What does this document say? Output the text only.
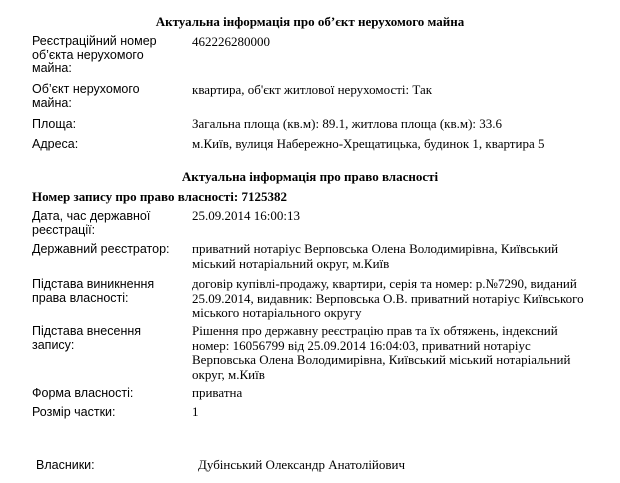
Актуальна інформація про об’єкт нерухомого майна
Реєстраційний номер об’єкта нерухомого майна:
462226280000
Об’єкт нерухомого майна:
квартира, об'єкт житлової нерухомості: Так
Площа:	Загальна площа (кв.м): 89.1, житлова площа (кв.м): 33.6
Адреса:	м.Київ, вулиця Набережно-Хрещатицька, будинок 1, квартира 5
Актуальна інформація про право власності
Номер запису про право власності: 7125382
Дата, час державної реєстрації:
25.09.2014 16:00:13
Державний реєстратор:	приватний нотаріус Верповська Олена Володимирівна, Київський міський нотаріальний округ, м.Київ
Підстава виникнення права власності:
договір купівлі-продажу, квартири, серія та номер: р.№7290, виданий 25.09.2014, видавник: Верповська О.В. приватний нотаріус Київського міського нотаріального округу
Підстава внесення запису:
Рішення про державну реєстрацію прав та їх обтяжень, індексний номер: 16056799 від 25.09.2014 16:04:03, приватний нотаріус Верповська Олена Володимирівна, Київський міський нотаріальний округ, м.Київ
Форма власності:	приватна
Розмір частки:	1
Власники:	Дубінський Олександр Анатолійович
